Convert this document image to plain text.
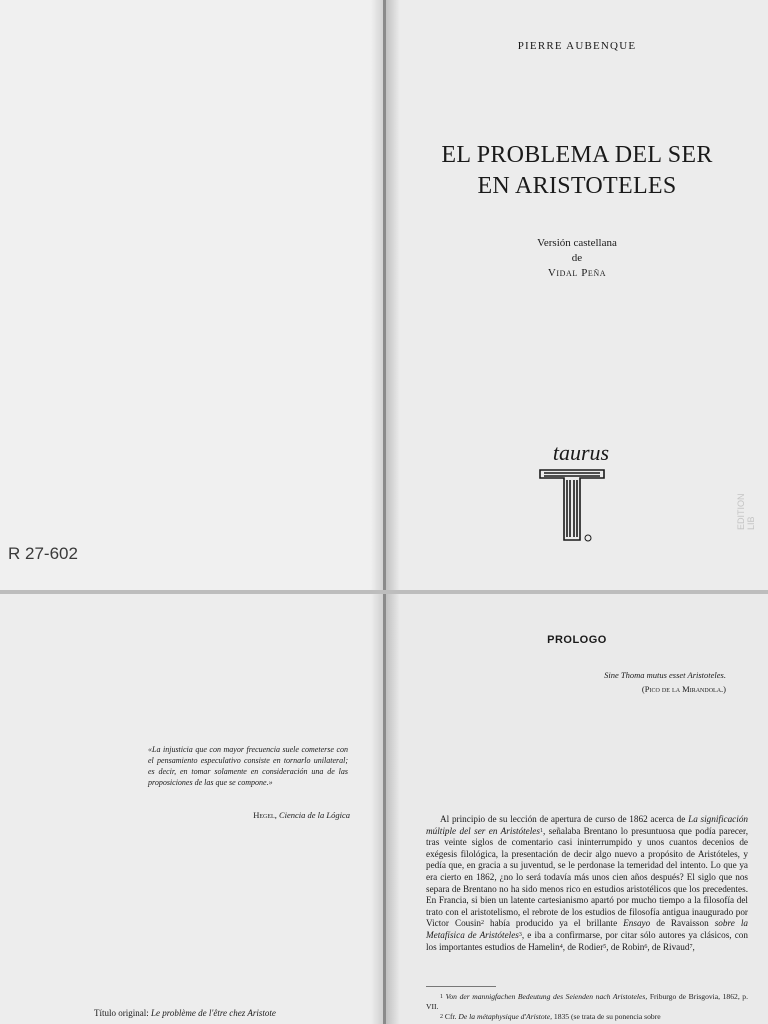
PIERRE AUBENQUE
EL PROBLEMA DEL SER
EN ARISTOTELES
Versión castellana
de
Vidal Peña
taurus
EDITION
LIB
R 27-602
«La injusticia que con mayor frecuencia suele cometerse con el pensamiento especulativo consiste en tornarlo unilateral; es decir, en tomar solamente en consideración una de las proposiciones de las que se compone.»
Hegel, Ciencia de la Lógica
Título original: Le problème de l'être chez Aristote
PROLOGO
Sine Thoma mutus esset Aristoteles.
(Pico de la Mirandola.)

Al principio de su lección de apertura de curso de 1862 acerca de La significación múltiple del ser en Aristóteles$^1$, señalaba Brentano lo presuntuosa que podía parecer, tras veinte siglos de comentario casi ininterrumpido y unos cuantos decenios de exégesis filológica, la presentación de decir algo nuevo a propósito de Aristóteles, y pedía que, en gracia a su juventud, se le perdonase la temeridad del intento. Lo que ya era cierto en 1862, ¿no lo será todavía más unos cien años después? El siglo que nos separa de Brentano no ha sido menos rico en estudios aristotélicos que los precedentes. En Francia, si bien un latente cartesianismo apartó por mucho tiempo a la filosofía del trato con el aristotelismo, el rebrote de los estudios de filosofía antigua inaugurado por Victor Cousin$^2$ había producido ya el brillante Ensayo de Ravaisson sobre la Metafísica de Aristóteles$^3$, e iba a confirmarse, por citar sólo autores ya clásicos, con los importantes estudios de Hamelin$^4$, de Rodier$^5$, de Robin$^6$, de Rivaud$^7$,

$^1$ Von der mannigfachen Bedeutung des Seienden nach Aristoteles, Friburgo de Brisgovia, 1862, p. VII.
$^2$ Cfr. De la métaphysique d'Aristote, 1835 (se trata de su ponencia sobre
